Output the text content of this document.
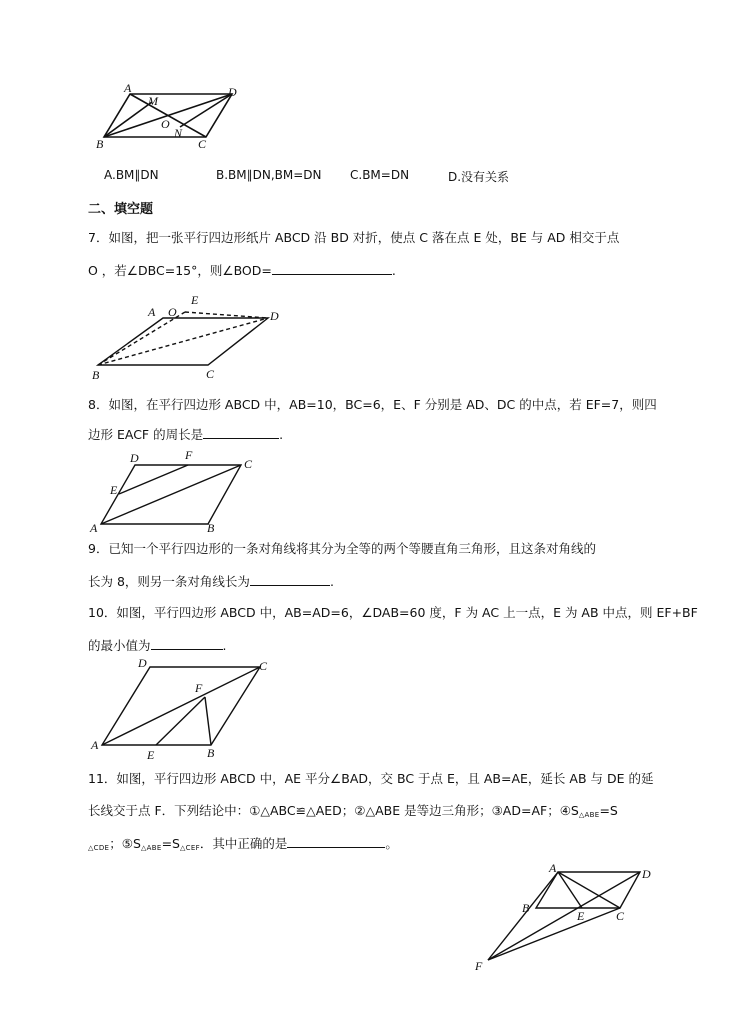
A
M
D
O
N
B	C
A.BM∥DN	B.BM∥DN,BM=DN C.BM=DN	D.没有关系
二、填空题
7．如图，把一张平行四边形纸片 ABCD 沿 BD 对折，使点 C 落在点 E 处，BE 与 AD 相交于点
O ，若∠DBC=15°，则∠BOD=	.
E
A O	D
B	C
8．如图，在平行四边形 ABCD 中，AB=10，BC=6，E、F 分别是 AD、DC 的中点，若 EF=7，则四
边形 EACF 的周长是	.
D	F
C
E
A	B
9．已知一个平行四边形的一条对角线将其分为全等的两个等腰直角三角形，且这条对角线的
长为 8，则另一条对角线长为	.
10．如图，平行四边形 ABCD 中，AB=AD=6，∠DAB=60 度，F 为 AC 上一点，E 为 AB 中点，则 EF+BF
的最小值为	.
D	C
F
A
E	B
11．如图，平行四边形 ABCD 中，AE 平分∠BAD，交 BC 于点 E，且 AB=AE，延长 AB 与 DE 的延
长线交于点 F．下列结论中：①△ABC≌△AED；②△ABE 是等边三角形；③AD=AF；$④S_{\triangle ABE}=S$
$_{\triangle CDE}$；$⑤S_{\triangle ABE}=S_{\triangle CEF}$．其中正确的是	。
A	D
B
E	C
F
